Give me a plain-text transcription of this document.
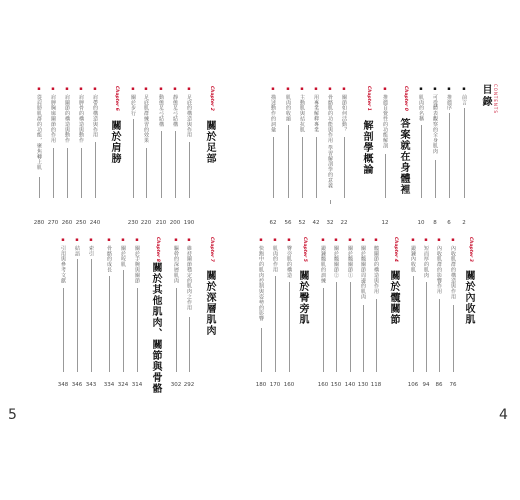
▪ 前言
2
▪ 推薦序
6
▪ 可從體表觀察的全身肌肉
8
▪ 肌肉的名稱
10
Chapter 0
答案就在身體裡
▪ 推薦自覺性的功能解剖
12
Chapter 1
解剖學概論
▪ 關節如何活動？
22
▪ 骨骼肌的功能與作用 學習解剖學的意義
32
▪ 用專業解釋專業
42
▪ 主動肌與拮抗肌
52
▪ 肌肉的收縮
56
▪ 描述動作的詞彙
62
Chapter 2
關於足部
▪ 足底的構造與作用
190
▪ 靜態足弓結構
200
▪ 動態足弓結構
210
▪ 足底肌群練習的效果
220
▪ 關於步行
230
Chapter 6
關於肩膀
▪ 肩帶的構造與作用
240
▪ 肩胛骨的構造與動作
250
▪ 肩關節的構造與動作
260
▪ 肩胛胸廓關節的作用
270
▪ 從肩膀肌群的功能，聚焦轉上肌
280
Chapter 3
關於內收肌
▪ 內收肌群的構造與作用
76
▪ 內收肌群的影響作用
86
▪ 短而厚的肌肉
94
▪ 鍛鍊內收肌
106
Chapter 4
關於髖關節
▪ 髖關節的構造與作用
118
▪ 關於髖關節周邊的肌肉
130
▪ 關於髖關節①
140
▪ 關於髖關節②
150
▪ 鍛鍊髖肌的訓練
160
Chapter 5
關於臀旁肌
▪ 臀旁肌的構造
160
▪ 肌肉的作用
170
▪ 快跑中的肌肉控制與姿勢的影響
180
Chapter 7
關於深層肌肉
▪ 維持關節穩定的肌肉之作用
292
▪ 驅幹的深層肌肉
302
Chapter 8
關於其他肌肉、關節與骨骼
▪ 關於手腕與關節
314
▪ 關於咬肌
324
▪ 骨骼的成長
334
▪ 索引
343
▪ 結語
346
▪ 引用與參考文獻
348
5	4
目錄 CONTENTS
